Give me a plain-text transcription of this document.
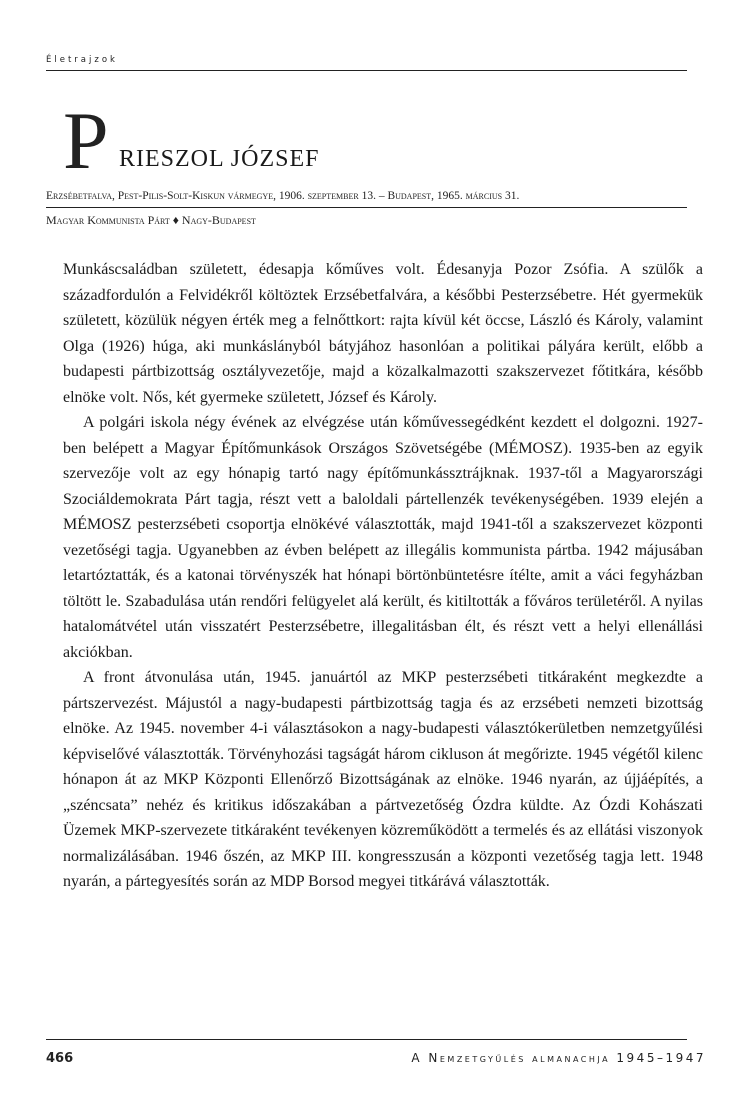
Életrajzok
P RIESZOL JÓZSEF
Erzsébetfalva, Pest-Pilis-Solt-Kiskun vármegye, 1906. szeptember 13. – Budapest, 1965. március 31.
Magyar Kommunista Párt ♦ Nagy-Budapest

Munkáscsaládban született, édesapja kőműves volt. Édesanyja Pozor Zsófia. A szülők a századfordulón a Felvidékről költöztek Erzsébetfalvára, a későbbi Pesterzsébetre. Hét gyermekük született, közülük négyen érték meg a felnőttkort: rajta kívül két öccse, László és Károly, valamint Olga (1926) húga, aki munkáslányból bátyjához hasonlóan a politikai pályára került, előbb a budapesti pártbizottság osztályvezetője, majd a közalkalmazotti szakszervezet főtitkára, később elnöke volt. Nős, két gyermeke született, József és Károly.

A polgári iskola négy évének az elvégzése után kőművessegédként kezdett el dolgozni. 1927-ben belépett a Magyar Építőmunkások Országos Szövetségébe (MÉMOSZ). 1935-ben az egyik szervezője volt az egy hónapig tartó nagy építőmunkássztrájknak. 1937-től a Magyarországi Szociáldemokrata Párt tagja, részt vett a baloldali pártellenzék tevékenységében. 1939 elején a MÉMOSZ pesterzsébeti csoportja elnökévé választották, majd 1941-től a szakszervezet központi vezetőségi tagja. Ugyanebben az évben belépett az illegális kommunista pártba. 1942 májusában letartóztatták, és a katonai törvényszék hat hónapi börtönbüntetésre ítélte, amit a váci fegyházban töltött le. Szabadulása után rendőri felügyelet alá került, és kitiltották a főváros területéről. A nyilas hatalomátvétel után visszatért Pesterzsébetre, illegalitásban élt, és részt vett a helyi ellenállási akciókban.

A front átvonulása után, 1945. januártól az MKP pesterzsébeti titkáraként megkezdte a pártszervezést. Májustól a nagy-budapesti pártbizottság tagja és az erzsébeti nemzeti bizottság elnöke. Az 1945. november 4-i választásokon a nagy-budapesti választókerületben nemzetgyűlési képviselővé választották. Törvényhozási tagságát három cikluson át megőrizte. 1945 végétől kilenc hónapon át az MKP Központi Ellenőrző Bizottságának az elnöke. 1946 nyarán, az újjáépítés, a „széncsata” nehéz és kritikus időszakában a pártvezetőség Ózdra küldte. Az Ózdi Kohászati Üzemek MKP-szervezete titkáraként tevékenyen közreműködött a termelés és az ellátási viszonyok normalizálásában. 1946 őszén, az MKP III. kongresszusán a központi vezetőség tagja lett. 1948 nyarán, a pártegyesítés során az MDP Borsod megyei titkárává választották.

466	A Nemzetgyűlés almanachja 1945–1947
